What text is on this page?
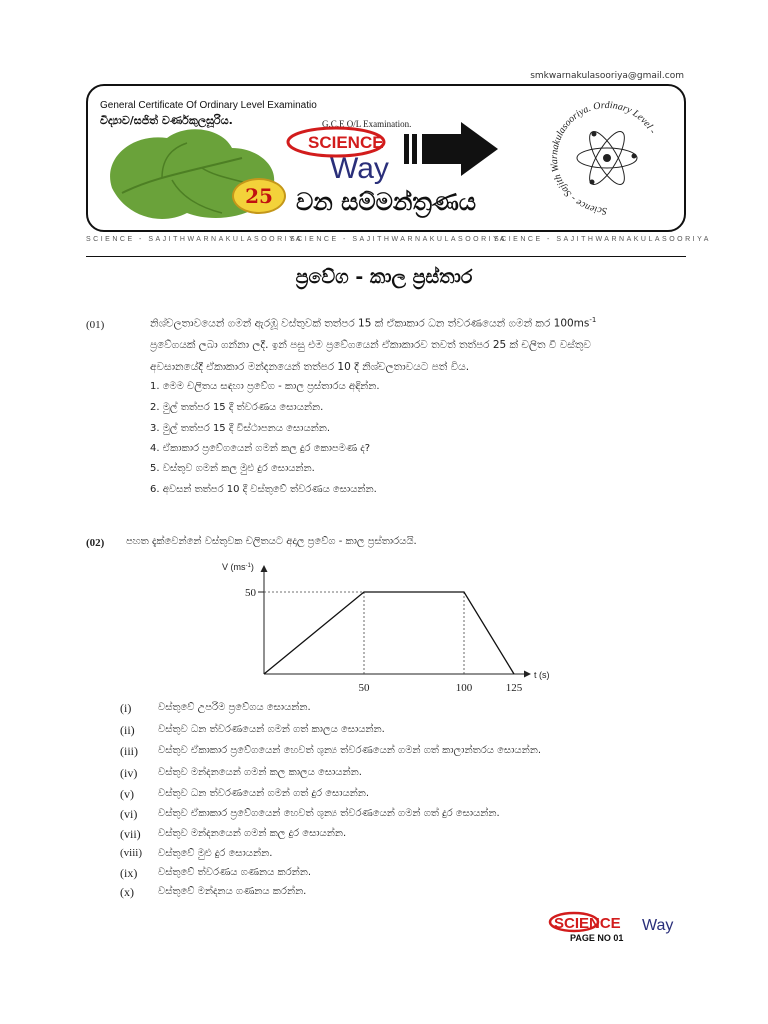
smkwarnakulasooriya@gmail.com
General Certificate Of Ordinary Level Examinatio
විද්‍යාව/සජිත් වර්ණකුලසූරිය.	G.C.E O/L Examination.
SCIENCE
Way
25 වන සම්මන්ත්‍රණය	Science - Sajith Warnakulasooriya. Ordinary Level -
SCIENCE - SAJITHWARNAKULASOORIYA
SCIENCE - SAJITHWARNAKULASOORIYA
SCIENCE - SAJITHWARNAKULASOORIYA
ප්‍රවේග - කාල ප්‍රස්තාර
(01)	නිශ්චලතාවයෙන් ගමන් ඇරඹූ වස්තුවක් තත්පර 15 ක් ඒකාකාර ධන ත්වරණයෙන් ගමන් කර $100ms^{-1}$
ප්‍රවේගයක් ලබා ගන්නා ලදී. ඉන් පසු එම ප්‍රවේගයෙන් ඒකාකාරව තවත් තත්පර 25 ක් චලිත වී වස්තුව
අවසානයේදී ඒකාකාර මන්දනයෙන් තත්පර 10 දී නිශ්චලතාවයට පත් විය.
1. මෙම චලිතය සඳහා ප්‍රවේග - කාල ප්‍රස්තාරය අඳින්න.
2. මුල් තත්පර 15 දී ත්වරණය සොයන්න.
3. මුල් තත්පර 15 දී විස්ථාපනය සොයන්න.
4. ඒකාකාර ප්‍රවේගයෙන් ගමන් කල දුර කොපමණ ද?
5. වස්තුව ගමන් කල මුළු දුර සොයන්න.
6. අවසන් තත්පර 10 දී වස්තුවේ ත්වරණය සොයන්න.
(02) පහත දැක්වෙන්නේ වස්තුවක චලිතයට අදාල ප්‍රවේග - කාල ප්‍රස්තාරයයි.
V $(ms^{-1})$
t (s)
50	100	125
50
(i)	වස්තුවේ උපරිම ප්‍රවේගය සොයන්න.
(ii) වස්තුව ධන ත්වරණයෙන් ගමන් ගත් කාලය සොයන්න.
(iii) වස්තුව ඒකාකාර ප්‍රවේගයෙන් හෙවත් ශුන්‍ය ත්වරණයෙන් ගමන් ගත් කාලාන්තරය සොයන්න.
(iv) වස්තුව මන්දනයෙන් ගමන් කල කාලය සොයන්න.
(v) වස්තුව ධන ත්වරණයෙන් ගමන් ගත් දුර සොයන්න.
(vi) වස්තුව ඒකාකාර ප්‍රවේගයෙන් හෙවත් ශුන්‍ය ත්වරණයෙන් ගමන් ගත් දුර සොයන්න.
(vii) වස්තුව මන්දනයෙන් ගමන් කල දුර සොයන්න.
(viii) වස්තුවේ මුළු දුර සොයන්න.
(ix) වස්තුවේ ත්වරණය ගණනය කරන්න.
(x) වස්තුවේ මන්දනය ගණනය කරන්න.
SCIENCE Way
PAGE NO 01
